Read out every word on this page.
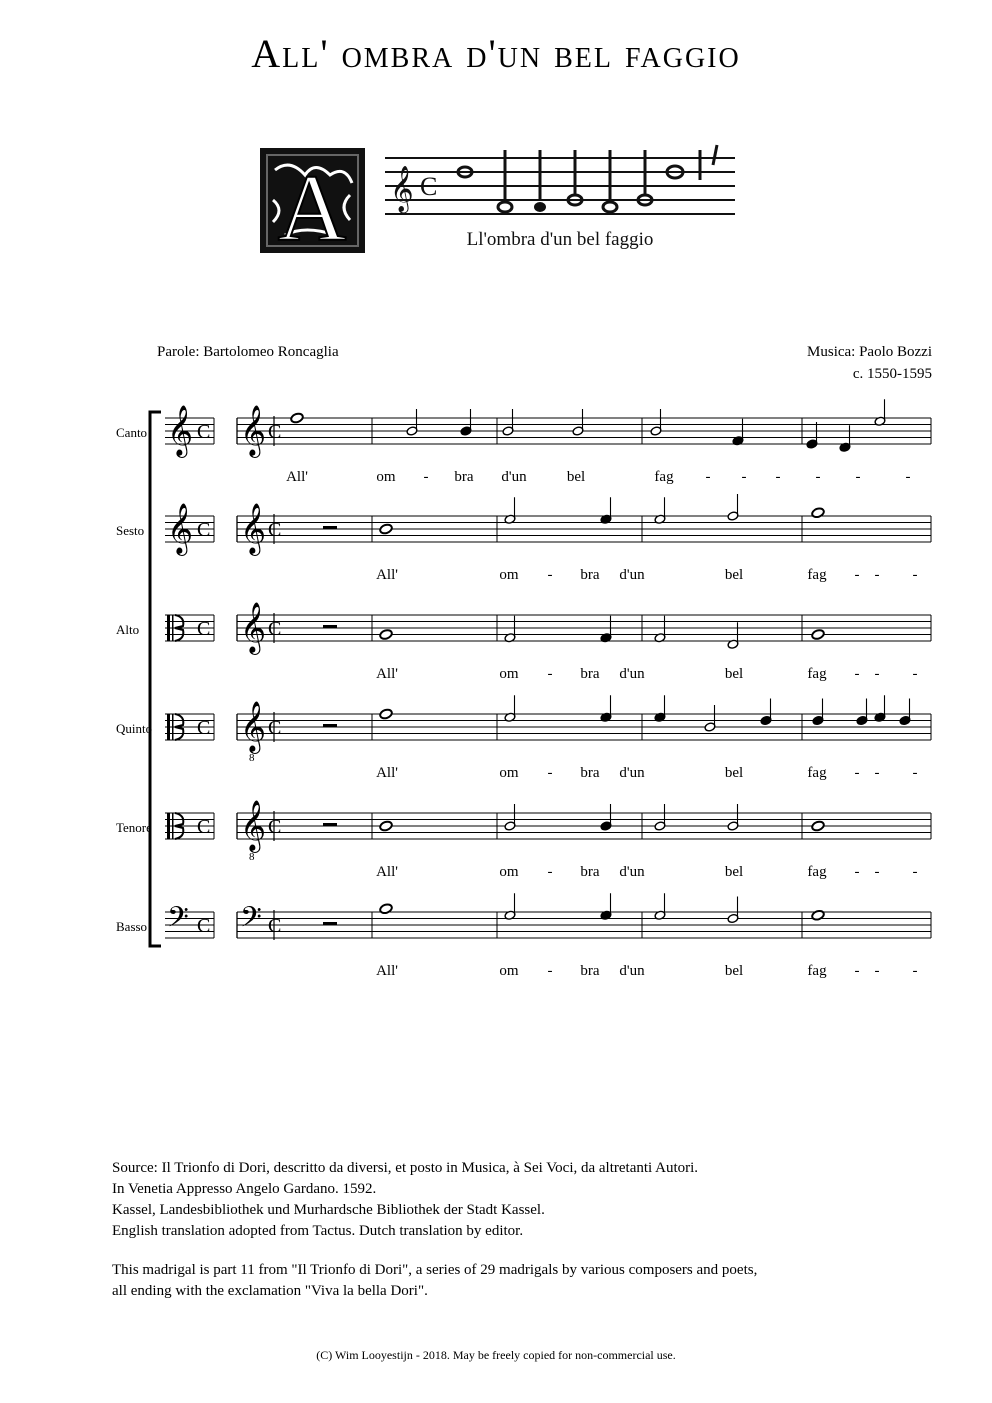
All' ombra d'un bel faggio
A 𝄞 C
Ll'ombra d'un bel faggio
Parole: Bartolomeo Roncaglia	Musica: Paolo Bozzi
c. 1550-1595
Canto 𝄞 𝄞
C	C
All'	om - bra d'un	bel	fag - - - - -	-
Sesto 𝄞 𝄞
C	C
All'	om - bra d'un	bel	fag - - -
Alto 𝄞
C	C
All'	om - bra d'un	bel	fag - - -
Quinto 𝄞
8
C	C
All'	om - bra d'un	bel	fag - - -
Tenore 𝄞
8
C	C
All'	om - bra d'un	bel	fag - - -
Basso 𝄢 𝄢
C	C
All'	om - bra d'un	bel	fag - - -

Source: Il Trionfo di Dori, descritto da diversi, et posto in Musica, à Sei Voci, da altretanti Autori.

In Venetia Appresso Angelo Gardano. 1592.

Kassel, Landesbibliothek und Murhardsche Bibliothek der Stadt Kassel.

English translation adopted from Tactus. Dutch translation by editor.

This madrigal is part 11 from "Il Trionfo di Dori", a series of 29 madrigals by various composers and poets,

all ending with the exclamation "Viva la bella Dori".

(C) Wim Looyestijn - 2018. May be freely copied for non-commercial use.
